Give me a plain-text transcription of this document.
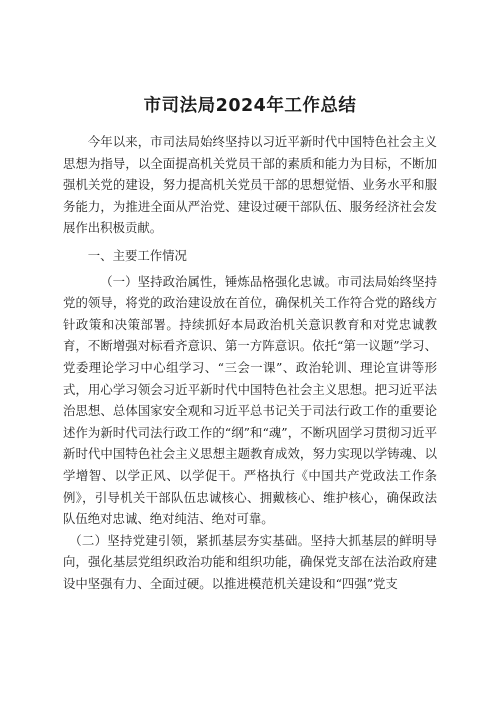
市司法局2024年工作总结

今年以来，市司法局始终坚持以习近平新时代中国特色社会主义思想为指导，以全面提高机关党员干部的素质和能力为目标，不断加强机关党的建设，努力提高机关党员干部的思想觉悟、业务水平和服务能力，为推进全面从严治党、建设过硬干部队伍、服务经济社会发展作出积极贡献。

一、主要工作情况

（一）坚持政治属性，锤炼品格强化忠诚。市司法局始终坚持党的领导，将党的政治建设放在首位，确保机关工作符合党的路线方针政策和决策部署。持续抓好本局政治机关意识教育和对党忠诚教育，不断增强对标看齐意识、第一方阵意识。依托“第一议题”学习、党委理论学习中心组学习、“三会一课”、政治轮训、理论宣讲等形式，用心学习领会习近平新时代中国特色社会主义思想。把习近平法治思想、总体国家安全观和习近平总书记关于司法行政工作的重要论述作为新时代司法行政工作的“纲”和“魂”，不断巩固学习贯彻习近平新时代中国特色社会主义思想主题教育成效，努力实现以学铸魂、以学增智、以学正风、以学促干。严格执行《中国共产党政法工作条例》，引导机关干部队伍忠诚核心、拥戴核心、维护核心，确保政法队伍绝对忠诚、绝对纯洁、绝对可靠。

（二）坚持党建引领，紧抓基层夯实基础。坚持大抓基层的鲜明导向，强化基层党组织政治功能和组织功能，确保党支部在法治政府建设中坚强有力、全面过硬。以推进模范机关建设和“四强”党支
